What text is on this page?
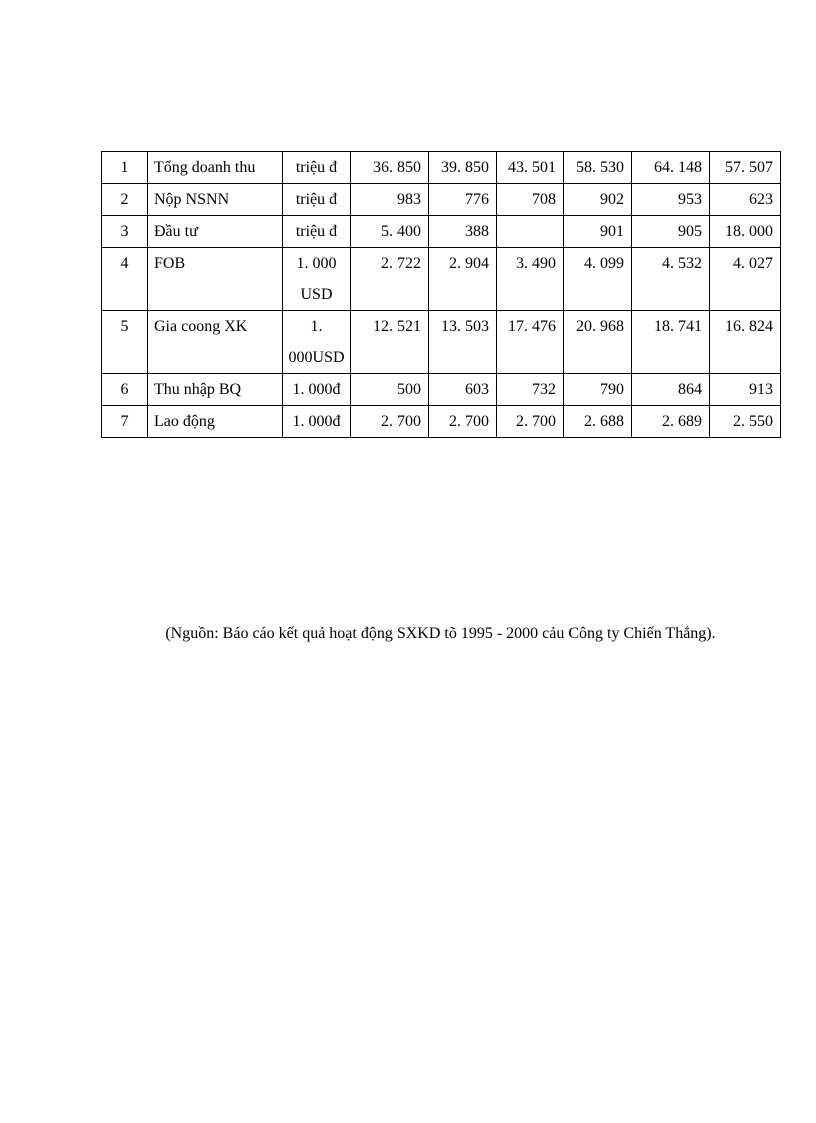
1	Tổng doanh thu	triệu đ	36. 850	39. 850	43. 501	58. 530	64. 148	57. 507
2	Nộp NSNN	triệu đ	983	776	708	902	953	623
3	Đầu tư	triệu đ	5. 400	388		901	905	18. 000
4	FOB	1. 000 USD	2. 722	2. 904	3. 490	4. 099	4. 532	4. 027
5	Gia coong XK	1. 000USD	12. 521	13. 503	17. 476	20. 968	18. 741	16. 824
6	Thu nhập BQ	1. 000đ	500	603	732	790	864	913
7	Lao động	1. 000đ	2. 700	2. 700	2. 700	2. 688	2. 689	2. 550
(Nguồn: Báo cáo kết quả hoạt động SXKD tõ 1995 - 2000 cảu Công ty Chiến Thắng).
